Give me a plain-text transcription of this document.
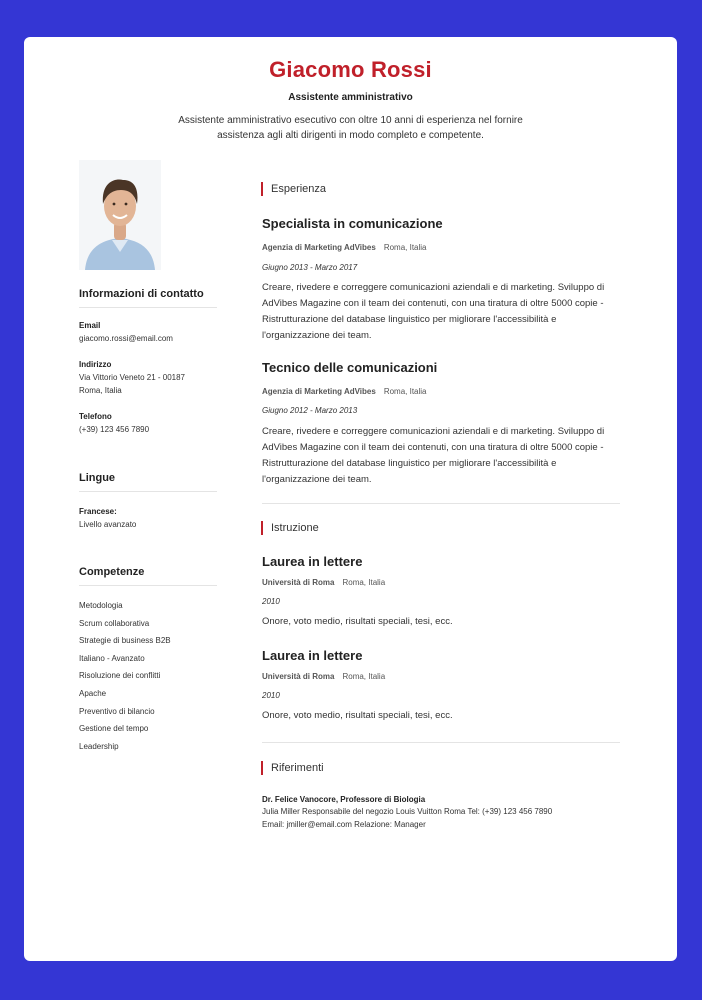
Giacomo Rossi
Assistente amministrativo
Assistente amministrativo esecutivo con oltre 10 anni di esperienza nel fornire assistenza agli alti dirigenti in modo completo e competente.
Informazioni di contatto
Email
giacomo.rossi@email.com
Indirizzo
Via Vittorio Veneto 21 - 00187
Roma, Italia
Telefono
(+39) 123 456 7890
Lingue
Francese:
Livello avanzato
Competenze
Metodologia
Scrum collaborativa
Strategie di business B2B
Italiano - Avanzato
Risoluzione dei conflitti
Apache
Preventivo di bilancio
Gestione del tempo
Leadership
Esperienza
Specialista in comunicazione
Agenzia di Marketing AdVibes Roma, Italia
Giugno 2013 - Marzo 2017
Creare, rivedere e correggere comunicazioni aziendali e di marketing. Sviluppo di AdVibes Magazine con il team dei contenuti, con una tiratura di oltre 5000 copie -Ristrutturazione del database linguistico per migliorare l'accessibilità e l'organizzazione dei team.
Tecnico delle comunicazioni
Agenzia di Marketing AdVibes Roma, Italia
Giugno 2012 - Marzo 2013
Creare, rivedere e correggere comunicazioni aziendali e di marketing. Sviluppo di AdVibes Magazine con il team dei contenuti, con una tiratura di oltre 5000 copie -Ristrutturazione del database linguistico per migliorare l'accessibilità e l'organizzazione dei team.
Istruzione
Laurea in lettere
Università di Roma Roma, Italia
2010
Onore, voto medio, risultati speciali, tesi, ecc.
Laurea in lettere
Università di Roma Roma, Italia
2010
Onore, voto medio, risultati speciali, tesi, ecc.
Riferimenti
Dr. Felice Vanocore, Professore di Biologia
Julia Miller Responsabile del negozio Louis Vuitton Roma Tel: (+39) 123 456 7890
Email: jmiller@email.com Relazione: Manager
